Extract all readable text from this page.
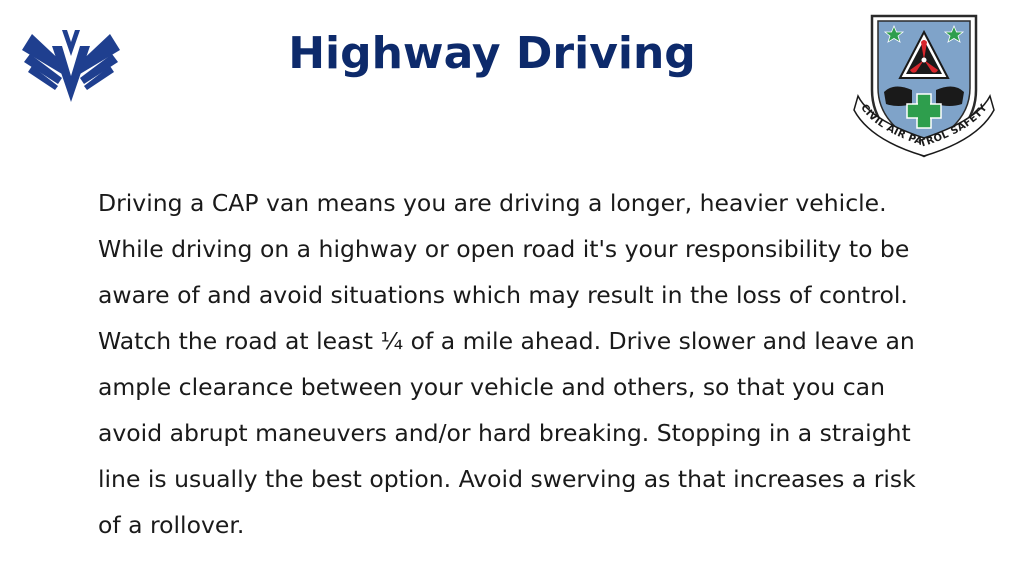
Highway Driving
CIVIL AIR PATROL SAFETY

Driving a CAP van means you are driving a longer, heavier vehicle.
While driving on a highway or open road it's your responsibility to be
aware of and avoid situations which may result in the loss of control.
Watch the road at least ¼ of a mile ahead. Drive slower and leave an
ample clearance between your vehicle and others, so that you can
avoid abrupt maneuvers and/or hard breaking. Stopping in a straight
line is usually the best option. Avoid swerving as that increases a risk
of a rollover.
